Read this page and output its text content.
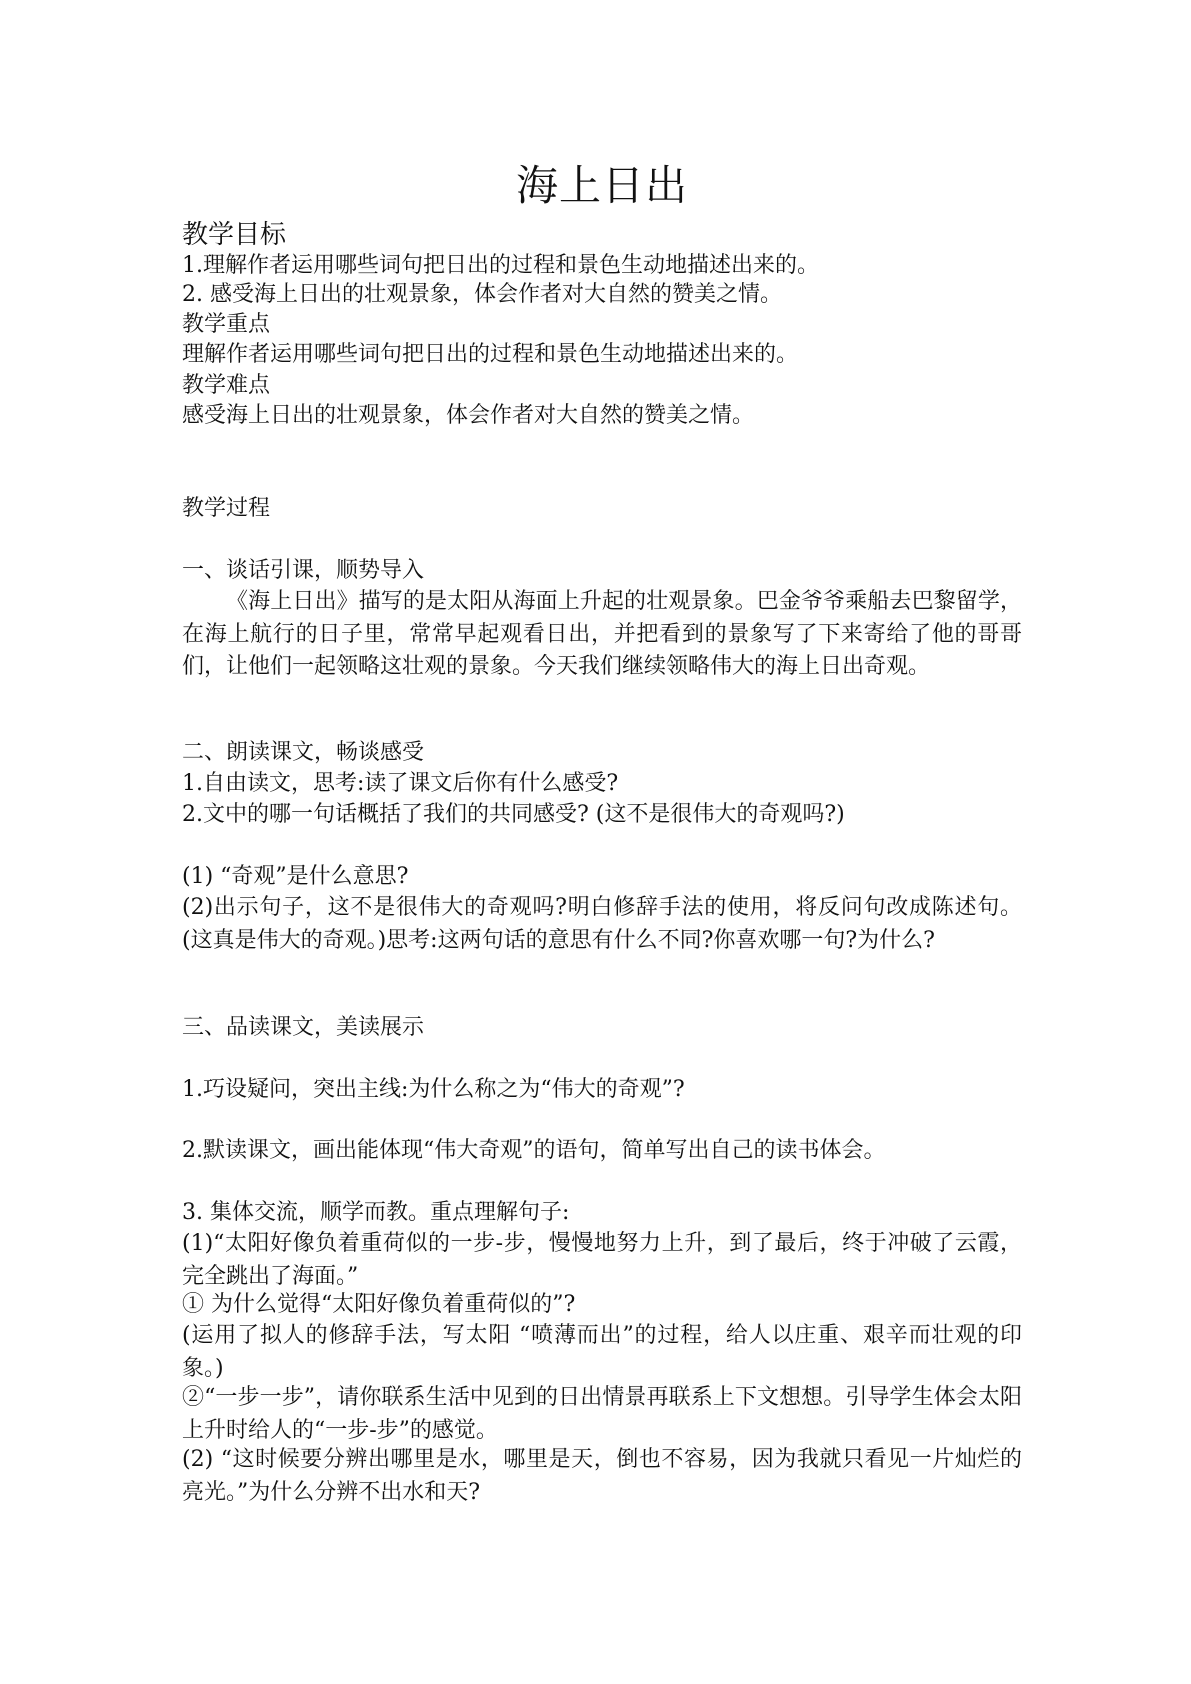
海上日出
教学目标
1.理解作者运用哪些词句把日出的过程和景色生动地描述出来的。
2. 感受海上日出的壮观景象，体会作者对大自然的赞美之情。
教学重点
理解作者运用哪些词句把日出的过程和景色生动地描述出来的。
教学难点
感受海上日出的壮观景象，体会作者对大自然的赞美之情。
教学过程
一、谈话引课，顺势导入
《海上日出》描写的是太阳从海面上升起的壮观景象。巴金爷爷乘船去巴黎留学，在海上航行的日子里，常常早起观看日出，并把看到的景象写了下来寄给了他的哥哥们，让他们一起领略这壮观的景象。今天我们继续领略伟大的海上日出奇观。
二、朗读课文，畅谈感受
1.自由读文，思考:读了课文后你有什么感受?
2.文中的哪一句话概括了我们的共同感受? (这不是很伟大的奇观吗?)
(1) “奇观”是什么意思?
(2)出示句子，这不是很伟大的奇观吗?明白修辞手法的使用，将反问句改成陈述句。(这真是伟大的奇观。)思考:这两句话的意思有什么不同?你喜欢哪一句?为什么?
三、品读课文，美读展示
1.巧设疑问，突出主线:为什么称之为“伟大的奇观”?
2.默读课文，画出能体现“伟大奇观”的语句，简单写出自己的读书体会。
3. 集体交流，顺学而教。重点理解句子:
(1)“太阳好像负着重荷似的一步-步，慢慢地努力上升，到了最后，终于冲破了云霞，完全跳出了海面。”
① 为什么觉得“太阳好像负着重荷似的”?
(运用了拟人的修辞手法，写太阳 “喷薄而出”的过程，给人以庄重、艰辛而壮观的印象。)
②“一步一步”，请你联系生活中见到的日出情景再联系上下文想想。引导学生体会太阳上升时给人的“一步-步”的感觉。
(2) “这时候要分辨出哪里是水，哪里是天，倒也不容易，因为我就只看见一片灿烂的亮光。”为什么分辨不出水和天?
